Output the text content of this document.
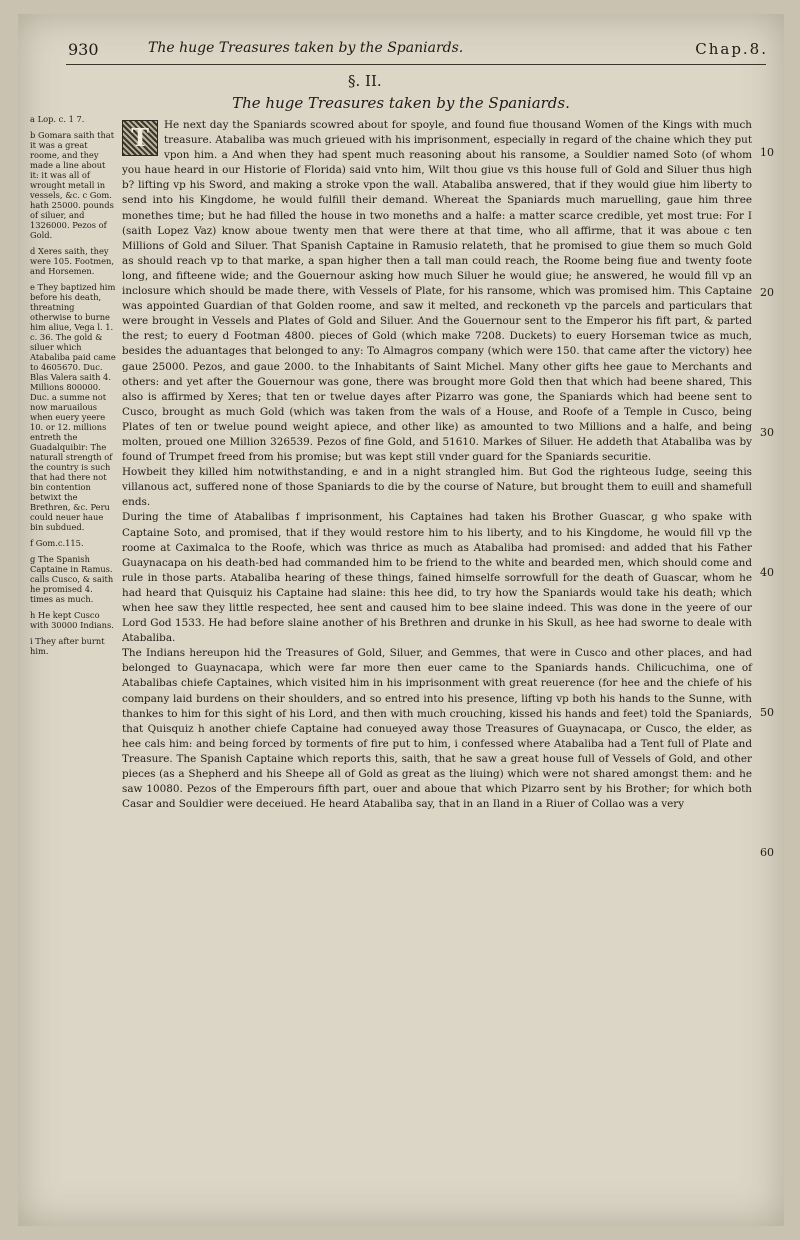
930	The huge Treasures taken by the Spaniards.	Chap.8.
§. II.
The huge Treasures taken by the Spaniards.

a Lop. c. 1 7.

b Gomara saith that it was a great roome, and they made a line about it: it was all of wrought metall in vessels, &c. c Gom. hath 25000. pounds of siluer, and 1326000. Pezos of Gold.

d Xeres saith, they were 105. Footmen, and Horsemen.

e They baptized him before his death, threatning otherwise to burne him aliue, Vega l. 1. c. 36. The gold & siluer which Atabaliba paid came to 4605670. Duc. Blas Valera saith 4. Millions 800000. Duc. a summe not now maruailous when euery yeere 10. or 12. millions entreth the Guadalquibir: The naturall strength of the country is such that had there not bin contention betwixt the Brethren, &c. Peru could neuer haue bin subdued.

f Gom.c.115.

g The Spanish Captaine in Ramus. calls Cusco, & saith he promised 4. times as much.

h He kept Cusco with 30000 Indians.

i They after burnt him.

T	He next day the Spaniards scowred about for spoyle, and found fiue thousand Women of the Kings with much treasure. Atabaliba was much grieued with his imprisonment, especially in regard of the chaine which they put vpon him. a And when they had spent much reasoning about his ransome, a Souldier named Soto (of whom you haue heard in our Historie of Florida) said vnto him, Wilt thou giue vs this house full of Gold and Siluer thus high b? lifting vp his Sword, and making a stroke vpon the wall. Atabaliba answered, that if they would giue him liberty to send into his Kingdome, he would fulfill their demand. Whereat the Spaniards much maruelling, gaue him three monethes time; but he had filled the house in two moneths and a halfe: a matter scarce credible, yet most true: For I (saith Lopez Vaz) know aboue twenty men that were there at that time, who all affirme, that it was aboue c ten Millions of Gold and Siluer. That Spanish Captaine in Ramusio relateth, that he promised to giue them so much Gold as should reach vp to that marke, a span higher then a tall man could reach, the Roome being fiue and twenty foote long, and fifteene wide; and the Gouernour asking how much Siluer he would giue; he answered, he would fill vp an inclosure which should be made there, with Vessels of Plate, for his ransome, which was promised him. This Captaine was appointed Guardian of that Golden roome, and saw it melted, and reckoneth vp the parcels and particulars that were brought in Vessels and Plates of Gold and Siluer. And the Gouernour sent to the Emperor his fift part, & parted the rest; to euery d Footman 4800. pieces of Gold (which make 7208. Duckets) to euery Horseman twice as much, besides the aduantages that belonged to any: To Almagros company (which were 150. that came after the victory) hee gaue 25000. Pezos, and gaue 2000. to the Inhabitants of Saint Michel. Many other gifts hee gaue to Merchants and others: and yet after the Gouernour was gone, there was brought more Gold then that which had beene shared, This also is affirmed by Xeres; that ten or twelue dayes after Pizarro was gone, the Spaniards which had beene sent to Cusco, brought as much Gold (which was taken from the wals of a House, and Roofe of a Temple in Cusco, being Plates of ten or twelue pound weight apiece, and other like) as amounted to two Millions and a halfe, and being molten, proued one Million 326539. Pezos of fine Gold, and 51610. Markes of Siluer. He addeth that Atabaliba was by found of Trumpet freed from his promise; but was kept still vnder guard for the Spaniards securitie.

Howbeit they killed him notwithstanding, e and in a night strangled him. But God the righteous Iudge, seeing this villanous act, suffered none of those Spaniards to die by the course of Nature, but brought them to euill and shamefull ends.

During the time of Atabalibas f imprisonment, his Captaines had taken his Brother Guascar, g who spake with Captaine Soto, and promised, that if they would restore him to his liberty, and to his Kingdome, he would fill vp the roome at Caximalca to the Roofe, which was thrice as much as Atabaliba had promised: and added that his Father Guaynacapa on his death-bed had commanded him to be friend to the white and bearded men, which should come and rule in those parts. Atabaliba hearing of these things, fained himselfe sorrowfull for the death of Guascar, whom he had heard that Quisquiz his Captaine had slaine: this hee did, to try how the Spaniards would take his death; which when hee saw they little respected, hee sent and caused him to bee slaine indeed. This was done in the yeere of our Lord God 1533. He had before slaine another of his Brethren and drunke in his Skull, as hee had sworne to deale with Atabaliba.

The Indians hereupon hid the Treasures of Gold, Siluer, and Gemmes, that were in Cusco and other places, and had belonged to Guaynacapa, which were far more then euer came to the Spaniards hands. Chilicuchima, one of Atabalibas chiefe Captaines, which visited him in his imprisonment with great reuerence (for hee and the chiefe of his company laid burdens on their shoulders, and so entred into his presence, lifting vp both his hands to the Sunne, with thankes to him for this sight of his Lord, and then with much crouching, kissed his hands and feet) told the Spaniards, that Quisquiz h another chiefe Captaine had conueyed away those Treasures of Guaynacapa, or Cusco, the elder, as hee cals him: and being forced by torments of fire put to him, i confessed where Atabaliba had a Tent full of Plate and Treasure. The Spanish Captaine which reports this, saith, that he saw a great house full of Vessels of Gold, and other pieces (as a Shepherd and his Sheepe all of Gold as great as the liuing) which were not shared amongst them: and he saw 10080. Pezos of the Emperours fifth part, ouer and aboue that which Pizarro sent by his Brother; for which both Casar and Souldier were deceiued. He heard Atabaliba say, that in an Iland in a Riuer of Collao was a very

10
20
30
40
50
60
